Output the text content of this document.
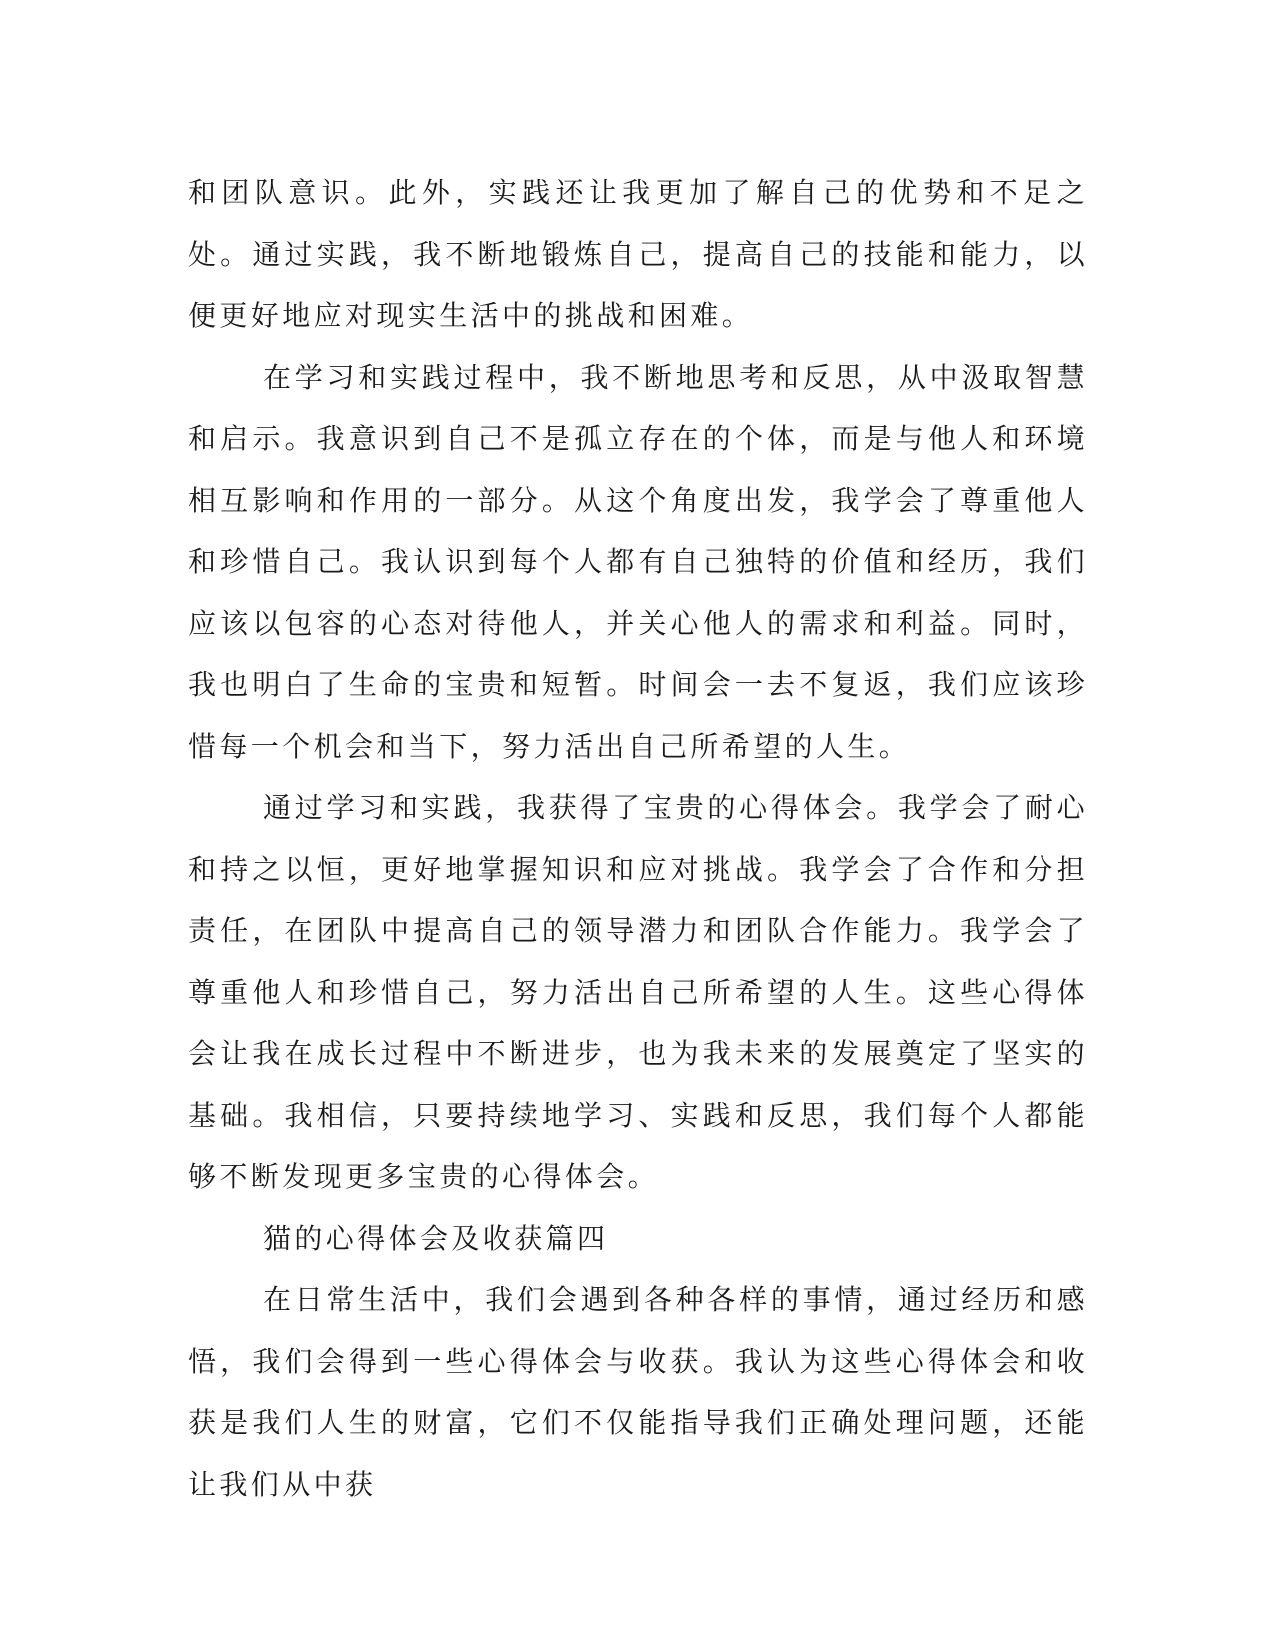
和团队意识。此外，实践还让我更加了解自己的优势和不足之处。通过实践，我不断地锻炼自己，提高自己的技能和能力，以便更好地应对现实生活中的挑战和困难。

在学习和实践过程中，我不断地思考和反思，从中汲取智慧和启示。我意识到自己不是孤立存在的个体，而是与他人和环境相互影响和作用的一部分。从这个角度出发，我学会了尊重他人和珍惜自己。我认识到每个人都有自己独特的价值和经历，我们应该以包容的心态对待他人，并关心他人的需求和利益。同时，我也明白了生命的宝贵和短暂。时间会一去不复返，我们应该珍惜每一个机会和当下，努力活出自己所希望的人生。

通过学习和实践，我获得了宝贵的心得体会。我学会了耐心和持之以恒，更好地掌握知识和应对挑战。我学会了合作和分担责任，在团队中提高自己的领导潜力和团队合作能力。我学会了尊重他人和珍惜自己，努力活出自己所希望的人生。这些心得体会让我在成长过程中不断进步，也为我未来的发展奠定了坚实的基础。我相信，只要持续地学习、实践和反思，我们每个人都能够不断发现更多宝贵的心得体会。

猫的心得体会及收获篇四

在日常生活中，我们会遇到各种各样的事情，通过经历和感悟，我们会得到一些心得体会与收获。我认为这些心得体会和收获是我们人生的财富，它们不仅能指导我们正确处理问题，还能让我们从中获
